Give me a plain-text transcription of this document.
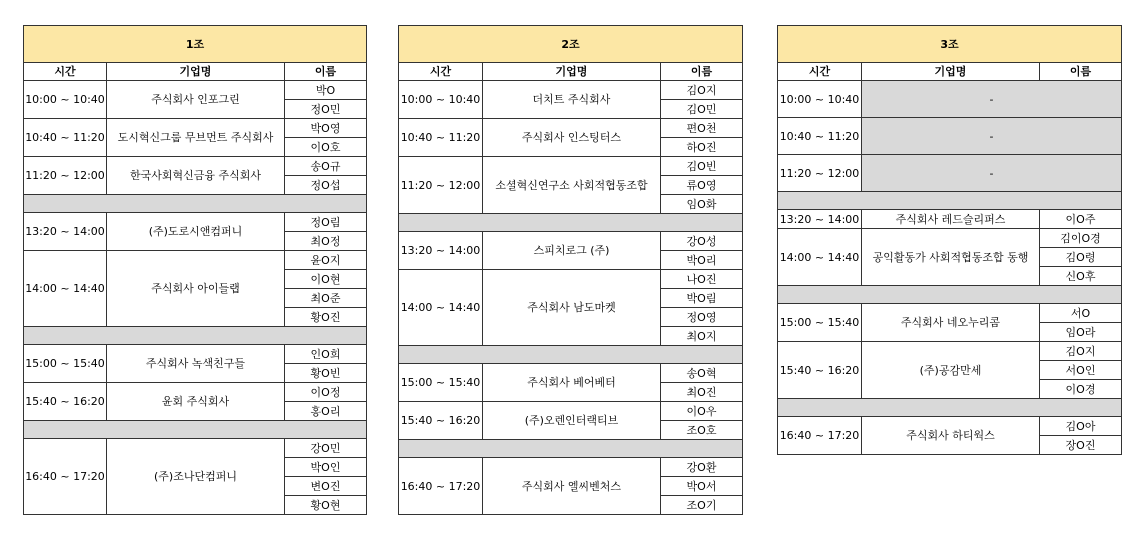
1조		
시간	기업명	이름
10:00 ~ 10:40	주식회사 인포그린	박O
		정O민
10:40 ~ 11:20	도시혁신그룹 무브먼트 주식회사	박O영
		이O호
11:20 ~ 12:00	한국사회혁신금융 주식회사	송O규
		정O섭

13:20 ~ 14:00	(주)도로시앤컴퍼니	정O림
		최O정
14:00 ~ 14:40	주식회사 아이들랩	윤O지
		이O현
		최O준
		황O진

15:00 ~ 15:40	주식회사 녹색친구들	인O희
		황O빈
15:40 ~ 16:20	윤회 주식회사	이O정
		홍O리

16:40 ~ 17:20	(주)조나단컴퍼니	강O민
		박O인
		변O진
		황O현
2조		
시간	기업명	이름
10:00 ~ 10:40	더치트 주식회사	김O지
		김O민
10:40 ~ 11:20	주식회사 인스팅터스	편O천
		하O진
11:20 ~ 12:00	소셜혁신연구소 사회적협동조합	김O빈
		류O영
		임O화

13:20 ~ 14:00	스피치로그 (주)	강O성
		박O리
14:00 ~ 14:40	주식회사 남도마켓	나O진
		박O림
		정O영
		최O지

15:00 ~ 15:40	주식회사 베어베터	송O혁
		최O진
15:40 ~ 16:20	(주)오렌인터랙티브	이O우
		조O호

16:40 ~ 17:20	주식회사 엘씨벤처스	강O환
		박O서
		조O기
3조		
시간	기업명	이름
10:00 ~ 10:40	-	
10:40 ~ 11:20	-	
11:20 ~ 12:00	-	

13:20 ~ 14:00	주식회사 레드슬리퍼스	이O주
14:00 ~ 14:40	공익활동가 사회적협동조합 동행	김이O경
		김O령
		신O후

15:00 ~ 15:40	주식회사 네오누리콤	서O
		임O라
15:40 ~ 16:20	(주)공감만세	김O지
		서O인
		이O경

16:40 ~ 17:20	주식회사 하티웍스	김O아
		장O진
